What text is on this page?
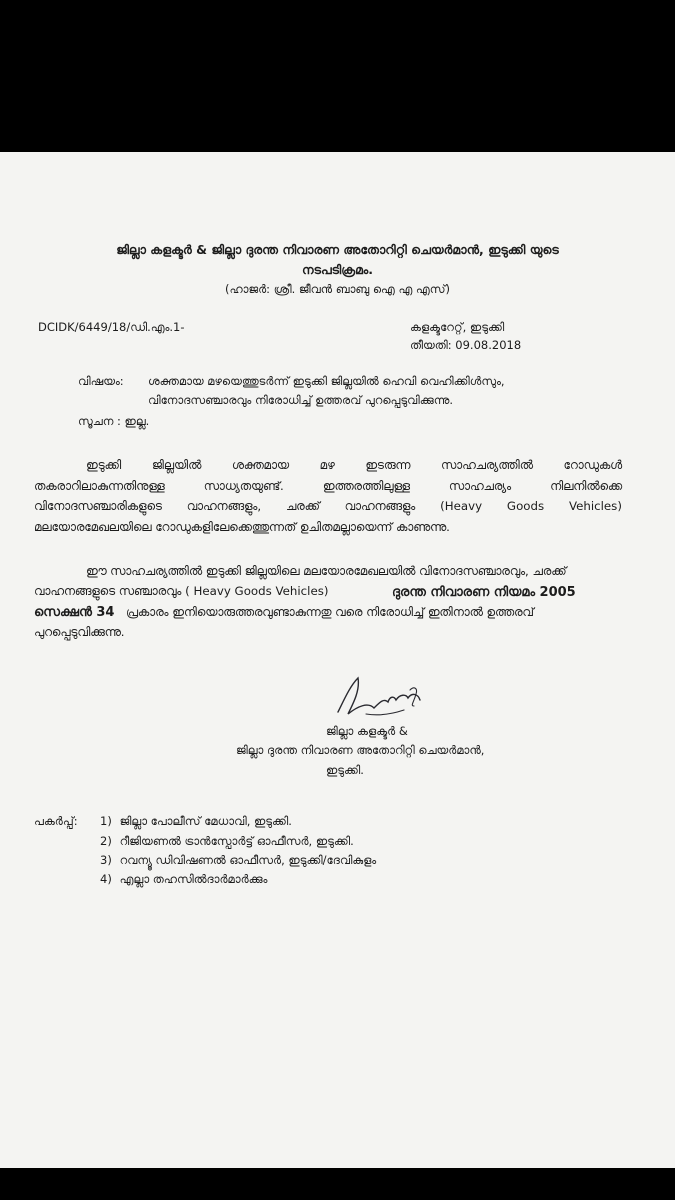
ജില്ലാ കളക്ടർ & ജില്ലാ ദുരന്ത നിവാരണ അതോറിറ്റി ചെയർമാൻ, ഇടുക്കി യുടെ
നടപടിക്രമം.
(ഹാജർ: ശ്രീ. ജീവൻ ബാബു ഐ എ എസ്)
DCIDK/6449/18/ഡി.എം.1-	കളക്ടറേറ്റ്, ഇടുക്കി
തീയതി: 09.08.2018
വിഷയം: ശക്തമായ മഴയെത്തുടർന്ന് ഇടുക്കി ജില്ലയിൽ ഹെവി വെഹിക്കിൾസും,
വിനോദസഞ്ചാരവും നിരോധിച്ച് ഉത്തരവ് പുറപ്പെടുവിക്കുന്നു.
സൂചന : ഇല്ല.
ഇടുക്കി	ജില്ലയിൽ	ശക്തമായ	മഴ	ഇടരുന്ന	സാഹചര്യത്തിൽ	റോഡുകൾ
തകരാറിലാകുന്നതിനുള്ള	സാധ്യതയുണ്ട്.	ഇത്തരത്തിലുള്ള	സാഹചര്യം	നിലനിൽക്കെ
വിനോദസഞ്ചാരികളുടെ വാഹനങ്ങളും, ചരക്ക് വാഹനങ്ങളും (Heavy Goods Vehicles)
മലയോരമേഖലയിലെ റോഡുകളിലേക്കെത്തുന്നത് ഉചിതമല്ലായെന്ന് കാണുന്നു.
ഈ സാഹചര്യത്തിൽ ഇടുക്കി ജില്ലയിലെ മലയോരമേഖലയിൽ വിനോദസഞ്ചാരവും, ചരക്ക്
വാഹനങ്ങളുടെ സഞ്ചാരവും ( Heavy Goods Vehicles)	ദുരന്ത നിവാരണ നിയമം 2005
സെക്ഷൻ 34 പ്രകാരം ഇനിയൊരുത്തരവുണ്ടാകുന്നതു വരെ നിരോധിച്ച് ഇതിനാൽ ഉത്തരവ്
പുറപ്പെടുവിക്കുന്നു.
ജില്ലാ കളക്ടർ &
ജില്ലാ ദുരന്ത നിവാരണ അതോറിറ്റി ചെയർമാൻ,
ഇടുക്കി.
പകർപ്പ്: 1) ജില്ലാ പോലീസ് മേധാവി, ഇടുക്കി.
2) റീജിയണൽ ട്രാൻസ്പോർട്ട് ഓഫീസർ, ഇടുക്കി.
3) റവന്യൂ ഡിവിഷണൽ ഓഫീസർ, ഇടുക്കി/ദേവികുളം
4) എല്ലാ തഹസിൽദാർമാർക്കും
